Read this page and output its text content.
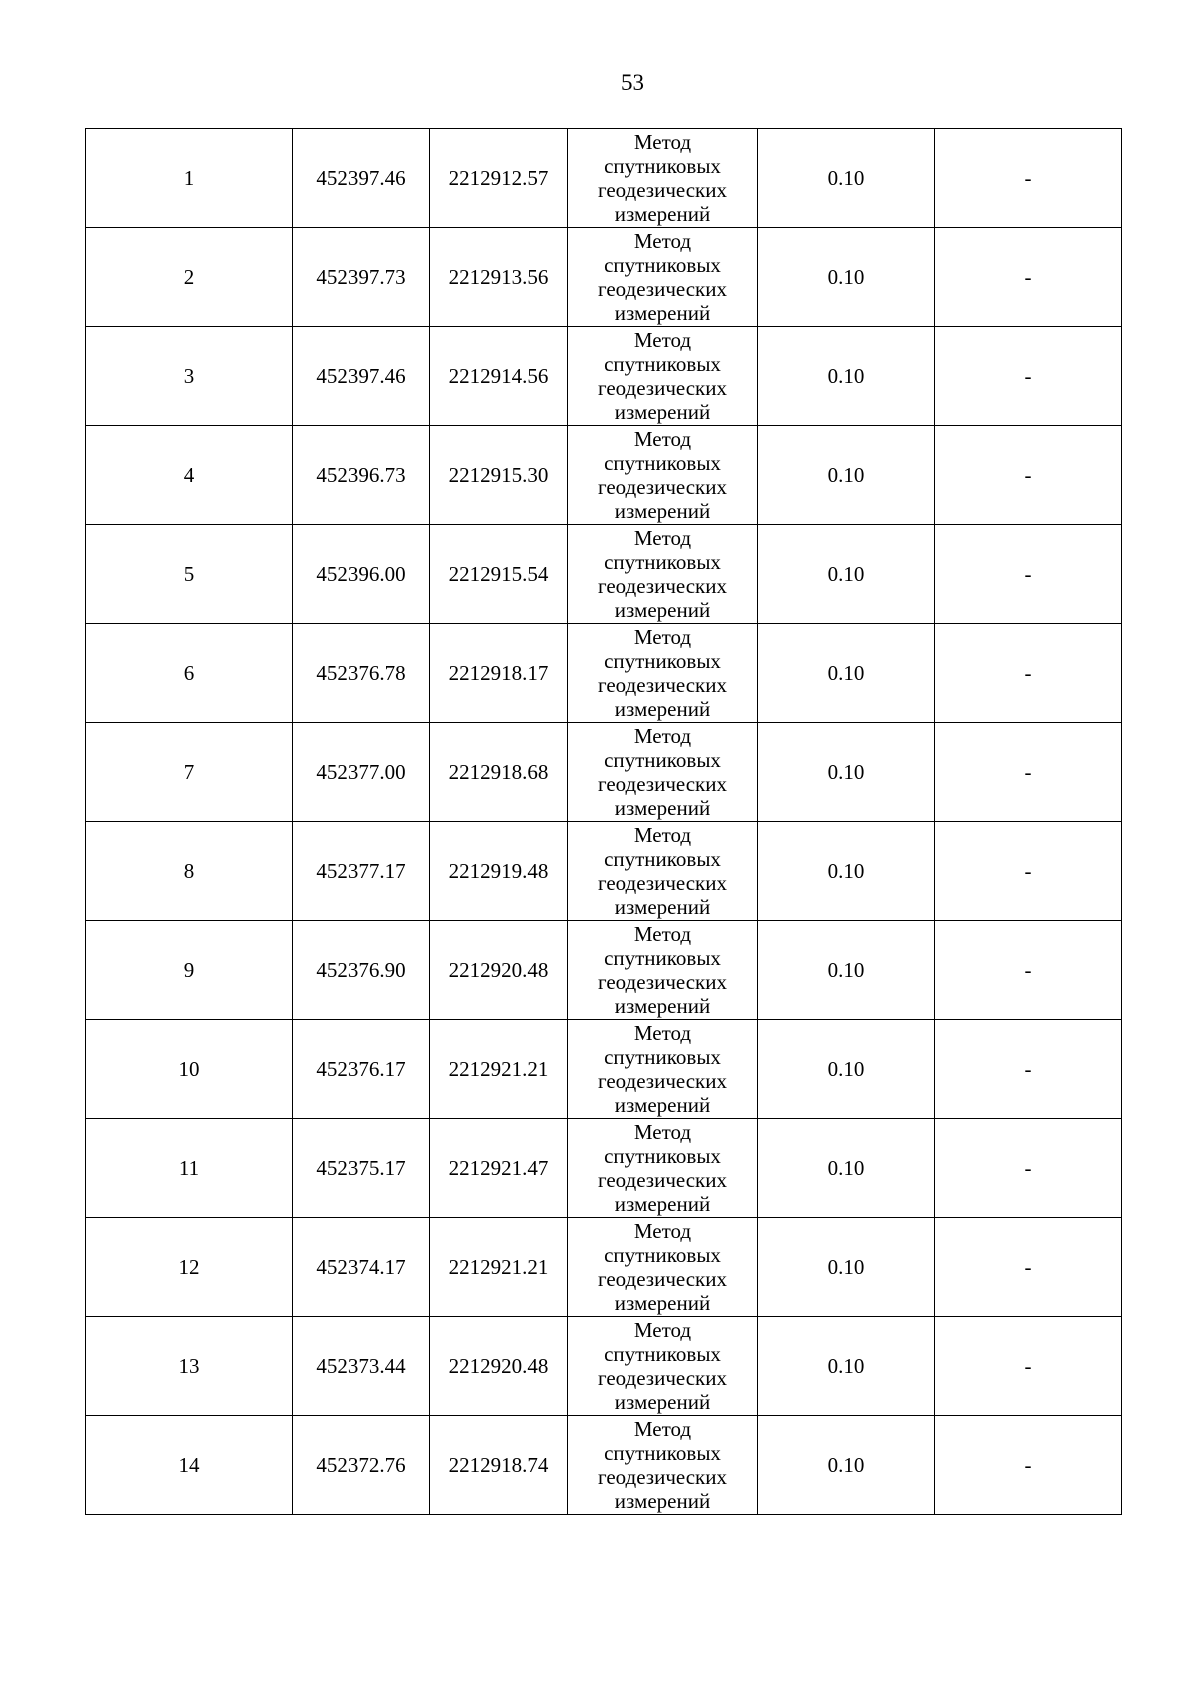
53
1	452397.46	2212912.57	Метод
спутниковых
геодезических
измерений	0.10	-
2	452397.73	2212913.56	Метод
спутниковых
геодезических
измерений	0.10	-
3	452397.46	2212914.56	Метод
спутниковых
геодезических
измерений	0.10	-
4	452396.73	2212915.30	Метод
спутниковых
геодезических
измерений	0.10	-
5	452396.00	2212915.54	Метод
спутниковых
геодезических
измерений	0.10	-
6	452376.78	2212918.17	Метод
спутниковых
геодезических
измерений	0.10	-
7	452377.00	2212918.68	Метод
спутниковых
геодезических
измерений	0.10	-
8	452377.17	2212919.48	Метод
спутниковых
геодезических
измерений	0.10	-
9	452376.90	2212920.48	Метод
спутниковых
геодезических
измерений	0.10	-
10	452376.17	2212921.21	Метод
спутниковых
геодезических
измерений	0.10	-
11	452375.17	2212921.47	Метод
спутниковых
геодезических
измерений	0.10	-
12	452374.17	2212921.21	Метод
спутниковых
геодезических
измерений	0.10	-
13	452373.44	2212920.48	Метод
спутниковых
геодезических
измерений	0.10	-
14	452372.76	2212918.74	Метод
спутниковых
геодезических
измерений	0.10	-
